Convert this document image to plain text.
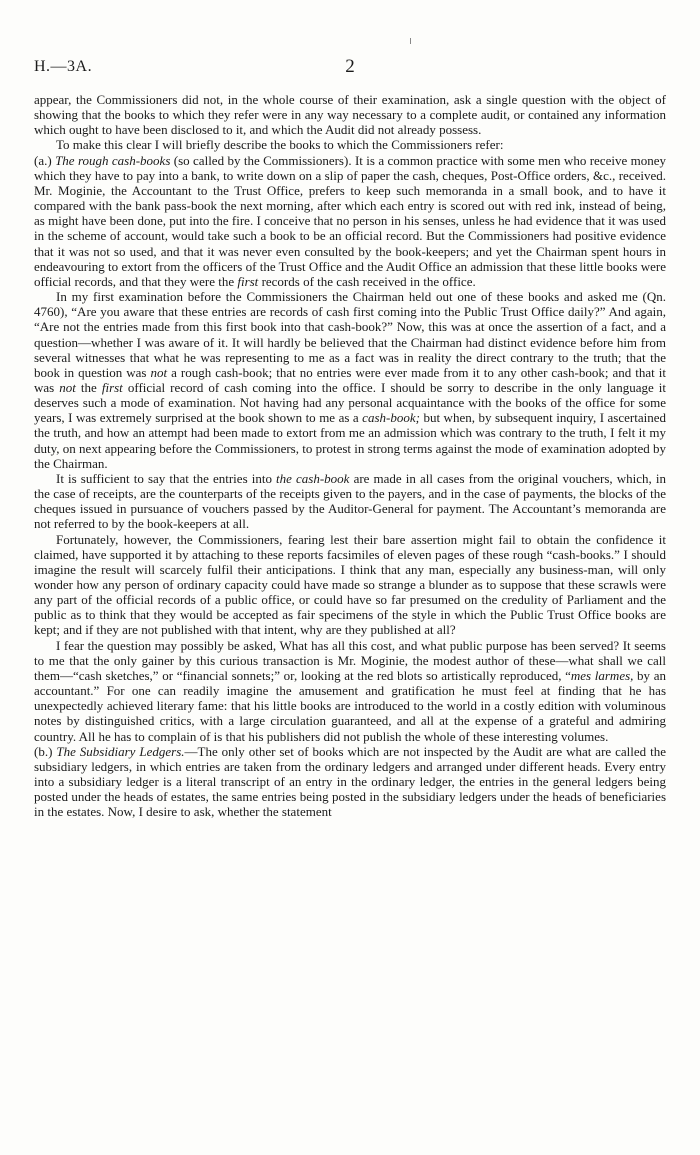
H.—3A.	2

appear, the Commissioners did not, in the whole course of their examination, ask a single question with the object of showing that the books to which they refer were in any way necessary to a complete audit, or contained any information which ought to have been disclosed to it, and which the Audit did not already possess.

To make this clear I will briefly describe the books to which the Commissioners refer:

(a.) The rough cash-books (so called by the Commissioners). It is a common practice with some men who receive money which they have to pay into a bank, to write down on a slip of paper the cash, cheques, Post-Office orders, &c., received. Mr. Moginie, the Accountant to the Trust Office, prefers to keep such memoranda in a small book, and to have it compared with the bank pass-book the next morning, after which each entry is scored out with red ink, instead of being, as might have been done, put into the fire. I conceive that no person in his senses, unless he had evidence that it was used in the scheme of account, would take such a book to be an official record. But the Commissioners had positive evidence that it was not so used, and that it was never even consulted by the book-keepers; and yet the Chairman spent hours in endeavouring to extort from the officers of the Trust Office and the Audit Office an admission that these little books were official records, and that they were the first records of the cash received in the office.

In my first examination before the Commissioners the Chairman held out one of these books and asked me (Qn. 4760), “Are you aware that these entries are records of cash first coming into the Public Trust Office daily?” And again, “Are not the entries made from this first book into that cash-book?” Now, this was at once the assertion of a fact, and a question—whether I was aware of it. It will hardly be believed that the Chairman had distinct evidence before him from several witnesses that what he was representing to me as a fact was in reality the direct contrary to the truth; that the book in question was not a rough cash-book; that no entries were ever made from it to any other cash-book; and that it was not the first official record of cash coming into the office. I should be sorry to describe in the only language it deserves such a mode of examination. Not having had any personal acquaintance with the books of the office for some years, I was extremely surprised at the book shown to me as a cash-book; but when, by subsequent inquiry, I ascertained the truth, and how an attempt had been made to extort from me an admission which was contrary to the truth, I felt it my duty, on next appearing before the Commissioners, to protest in strong terms against the mode of examination adopted by the Chairman.

It is sufficient to say that the entries into the cash-book are made in all cases from the original vouchers, which, in the case of receipts, are the counterparts of the receipts given to the payers, and in the case of payments, the blocks of the cheques issued in pursuance of vouchers passed by the Auditor-General for payment. The Accountant’s memoranda are not referred to by the book-keepers at all.

Fortunately, however, the Commissioners, fearing lest their bare assertion might fail to obtain the confidence it claimed, have supported it by attaching to these reports facsimiles of eleven pages of these rough “cash-books.” I should imagine the result will scarcely fulfil their anticipations. I think that any man, especially any business-man, will only wonder how any person of ordinary capacity could have made so strange a blunder as to suppose that these scrawls were any part of the official records of a public office, or could have so far presumed on the credulity of Parliament and the public as to think that they would be accepted as fair specimens of the style in which the Public Trust Office books are kept; and if they are not published with that intent, why are they published at all?

I fear the question may possibly be asked, What has all this cost, and what public purpose has been served? It seems to me that the only gainer by this curious transaction is Mr. Moginie, the modest author of these—what shall we call them—“cash sketches,” or “financial sonnets;” or, looking at the red blots so artistically reproduced, “mes larmes, by an accountant.” For one can readily imagine the amusement and gratification he must feel at finding that he has unexpectedly achieved literary fame: that his little books are introduced to the world in a costly edition with voluminous notes by distinguished critics, with a large circulation guaranteed, and all at the expense of a grateful and admiring country. All he has to complain of is that his publishers did not publish the whole of these interesting volumes.

(b.) The Subsidiary Ledgers.—The only other set of books which are not inspected by the Audit are what are called the subsidiary ledgers, in which entries are taken from the ordinary ledgers and arranged under different heads. Every entry into a subsidiary ledger is a literal transcript of an entry in the ordinary ledger, the entries in the general ledgers being posted under the heads of estates, the same entries being posted in the subsidiary ledgers under the heads of beneficiaries in the estates. Now, I desire to ask, whether the statement
